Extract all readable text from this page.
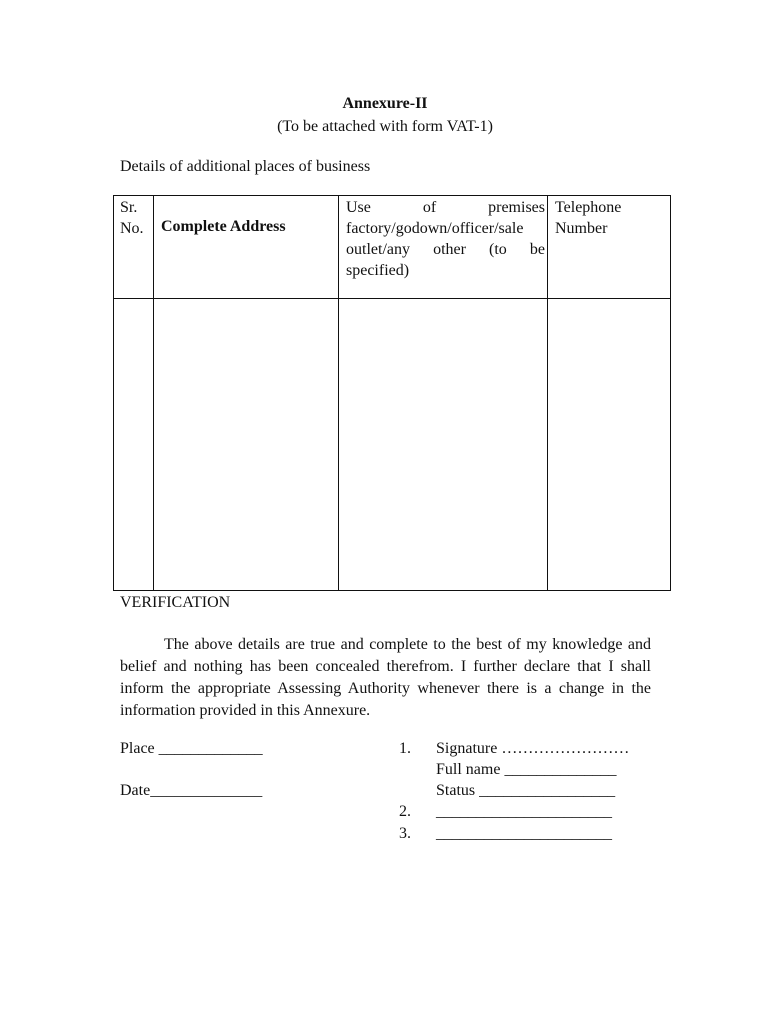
Annexure-II
(To be attached with form VAT-1)
Details of additional places of business
Sr. No.	Complete Address	Use of premises factory/godown/officer/sale outlet/any other (to be specified)	Telephone Number

VERIFICATION
The above details are true and complete to the best of my knowledge and belief and nothing has been concealed therefrom. I further declare that I shall inform the appropriate Assessing Authority whenever there is a change in the information provided in this Annexure.
Place _____________
Date______________
1. Signature ……………………
Full name ______________
Status _________________
2. ______________________
3. ______________________
